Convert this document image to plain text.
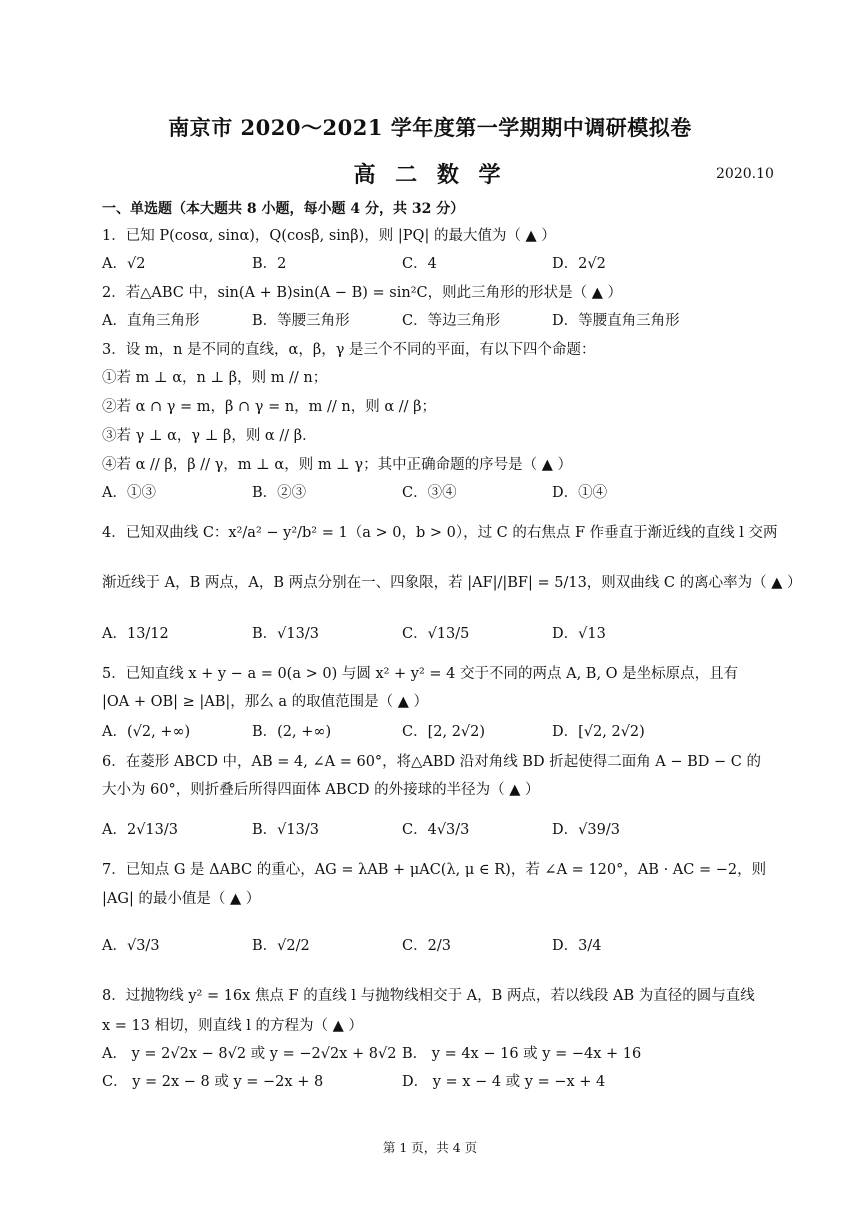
南京市 2020～2021 学年度第一学期期中调研模拟卷
高 二 数 学	2020.10
一、单选题（本大题共 8 小题，每小题 4 分，共 32 分）
1．已知 P(cosα, sinα)，Q(cosβ, sinβ)，则 |PQ| 的最大值为（ ▲ ）
A．√2	B．2	C．4	D．2√2
2．若△ABC 中，sin(A + B)sin(A − B) = sin²C，则此三角形的形状是（ ▲ ）
A．直角三角形	B．等腰三角形	C．等边三角形	D．等腰直角三角形
3．设 m，n 是不同的直线，α，β，γ 是三个不同的平面，有以下四个命题：
①若 m ⊥ α，n ⊥ β，则 m // n；
②若 α ∩ γ = m，β ∩ γ = n，m // n，则 α // β；
③若 γ ⊥ α，γ ⊥ β，则 α // β．
④若 α // β，β // γ，m ⊥ α，则 m ⊥ γ；其中正确命题的序号是（ ▲ ）
A．①③	B．②③	C．③④	D．①④
4．已知双曲线 C：x²/a² − y²/b² = 1（a > 0，b > 0），过 C 的右焦点 F 作垂直于渐近线的直线 l 交两
渐近线于 A，B 两点，A，B 两点分别在一、四象限，若 |AF|/|BF| = 5/13，则双曲线 C 的离心率为（ ▲ ）
A．13/12	B．√13/3	C．√13/5	D．√13
5．已知直线 x + y − a = 0(a > 0) 与圆 x² + y² = 4 交于不同的两点 A, B, O 是坐标原点，且有
|OA + OB| ≥ |AB|，那么 a 的取值范围是（ ▲ ）
A．(√2, +∞)	B．(2, +∞)	C．[2, 2√2)	D．[√2, 2√2)
6．在菱形 ABCD 中，AB = 4, ∠A = 60°，将△ABD 沿对角线 BD 折起使得二面角 A − BD − C 的
大小为 60°，则折叠后所得四面体 ABCD 的外接球的半径为（ ▲ ）
A．2√13/3	B．√13/3	C．4√3/3	D．√39/3
7．已知点 G 是 ΔABC 的重心，AG = λAB + μAC(λ, μ ∈ R)，若 ∠A = 120°，AB · AC = −2，则
|AG| 的最小值是（ ▲ ）
A．√3/3	B．√2/2	C．2/3	D．3/4
8．过抛物线 y² = 16x 焦点 F 的直线 l 与抛物线相交于 A，B 两点，若以线段 AB 为直径的圆与直线
x = 13 相切，则直线 l 的方程为（ ▲ ）
A． y = 2√2x − 8√2 或 y = −2√2x + 8√2 B． y = 4x − 16 或 y = −4x + 16
C． y = 2x − 8 或 y = −2x + 8	D． y = x − 4 或 y = −x + 4
第 1 页，共 4 页
